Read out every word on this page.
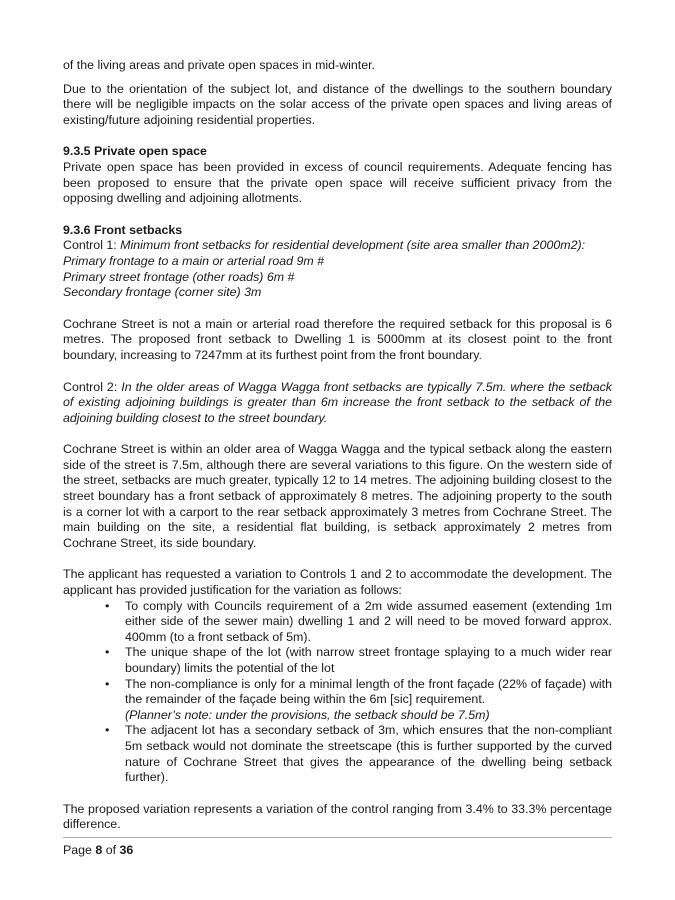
of the living areas and private open spaces in mid-winter.

Due to the orientation of the subject lot, and distance of the dwellings to the southern boundary there will be negligible impacts on the solar access of the private open spaces and living areas of existing/future adjoining residential properties.

9.3.5 Private open space

Private open space has been provided in excess of council requirements. Adequate fencing has been proposed to ensure that the private open space will receive sufficient privacy from the opposing dwelling and adjoining allotments.

9.3.6 Front setbacks

Control 1: Minimum front setbacks for residential development (site area smaller than 2000m2):

Primary frontage to a main or arterial road 9m #

Primary street frontage (other roads) 6m #

Secondary frontage (corner site) 3m

Cochrane Street is not a main or arterial road therefore the required setback for this proposal is 6 metres. The proposed front setback to Dwelling 1 is 5000mm at its closest point to the front boundary, increasing to 7247mm at its furthest point from the front boundary.

Control 2: In the older areas of Wagga Wagga front setbacks are typically 7.5m. where the setback of existing adjoining buildings is greater than 6m increase the front setback to the setback of the adjoining building closest to the street boundary.

Cochrane Street is within an older area of Wagga Wagga and the typical setback along the eastern side of the street is 7.5m, although there are several variations to this figure. On the western side of the street, setbacks are much greater, typically 12 to 14 metres. The adjoining building closest to the street boundary has a front setback of approximately 8 metres. The adjoining property to the south is a corner lot with a carport to the rear setback approximately 3 metres from Cochrane Street. The main building on the site, a residential flat building, is setback approximately 2 metres from Cochrane Street, its side boundary.

The applicant has requested a variation to Controls 1 and 2 to accommodate the development. The applicant has provided justification for the variation as follows:

• To comply with Councils requirement of a 2m wide assumed easement (extending 1m either side of the sewer main) dwelling 1 and 2 will need to be moved forward approx. 400mm (to a front setback of 5m).
• The unique shape of the lot (with narrow street frontage splaying to a much wider rear boundary) limits the potential of the lot
• The non-compliance is only for a minimal length of the front façade (22% of façade) with the remainder of the façade being within the 6m [sic] requirement.
(Planner’s note: under the provisions, the setback should be 7.5m)
• The adjacent lot has a secondary setback of 3m, which ensures that the non-compliant 5m setback would not dominate the streetscape (this is further supported by the curved nature of Cochrane Street that gives the appearance of the dwelling being setback further).

The proposed variation represents a variation of the control ranging from 3.4% to 33.3% percentage difference.

Page 8 of 36
